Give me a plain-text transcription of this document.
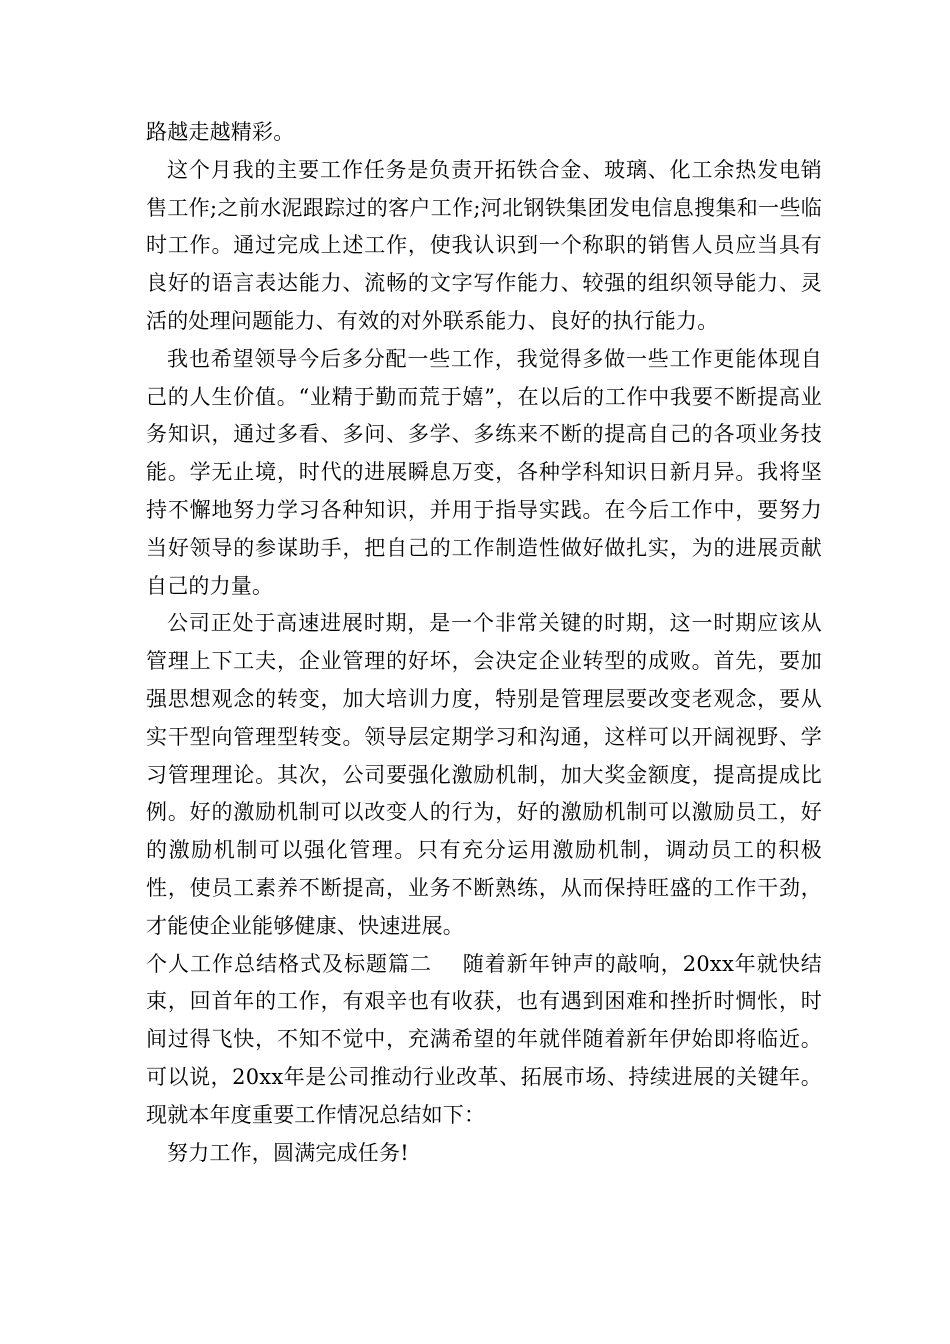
路越走越精彩。

这个月我的主要工作任务是负责开拓铁合金、玻璃、化工余热发电销售工作;之前水泥跟踪过的客户工作;河北钢铁集团发电信息搜集和一些临时工作。通过完成上述工作，使我认识到一个称职的销售人员应当具有良好的语言表达能力、流畅的文字写作能力、较强的组织领导能力、灵活的处理问题能力、有效的对外联系能力、良好的执行能力。

我也希望领导今后多分配一些工作，我觉得多做一些工作更能体现自己的人生价值。“业精于勤而荒于嬉”，在以后的工作中我要不断提高业务知识，通过多看、多问、多学、多练来不断的提高自己的各项业务技能。学无止境，时代的进展瞬息万变，各种学科知识日新月异。我将坚持不懈地努力学习各种知识，并用于指导实践。在今后工作中，要努力当好领导的参谋助手，把自己的工作制造性做好做扎实，为的进展贡献自己的力量。

公司正处于高速进展时期，是一个非常关键的时期，这一时期应该从管理上下工夫，企业管理的好坏，会决定企业转型的成败。首先，要加强思想观念的转变，加大培训力度，特别是管理层要改变老观念，要从实干型向管理型转变。领导层定期学习和沟通，这样可以开阔视野、学习管理理论。其次，公司要强化激励机制，加大奖金额度，提高提成比例。好的激励机制可以改变人的行为，好的激励机制可以激励员工，好的激励机制可以强化管理。只有充分运用激励机制，调动员工的积极性，使员工素养不断提高，业务不断熟练，从而保持旺盛的工作干劲，才能使企业能够健康、快速进展。

个人工作总结格式及标题篇二 随着新年钟声的敲响，20xx年就快结束，回首年的工作，有艰辛也有收获，也有遇到困难和挫折时惆怅，时间过得飞快，不知不觉中，充满希望的年就伴随着新年伊始即将临近。可以说，20xx年是公司推动行业改革、拓展市场、持续进展的关键年。现就本年度重要工作情况总结如下：

努力工作，圆满完成任务!
